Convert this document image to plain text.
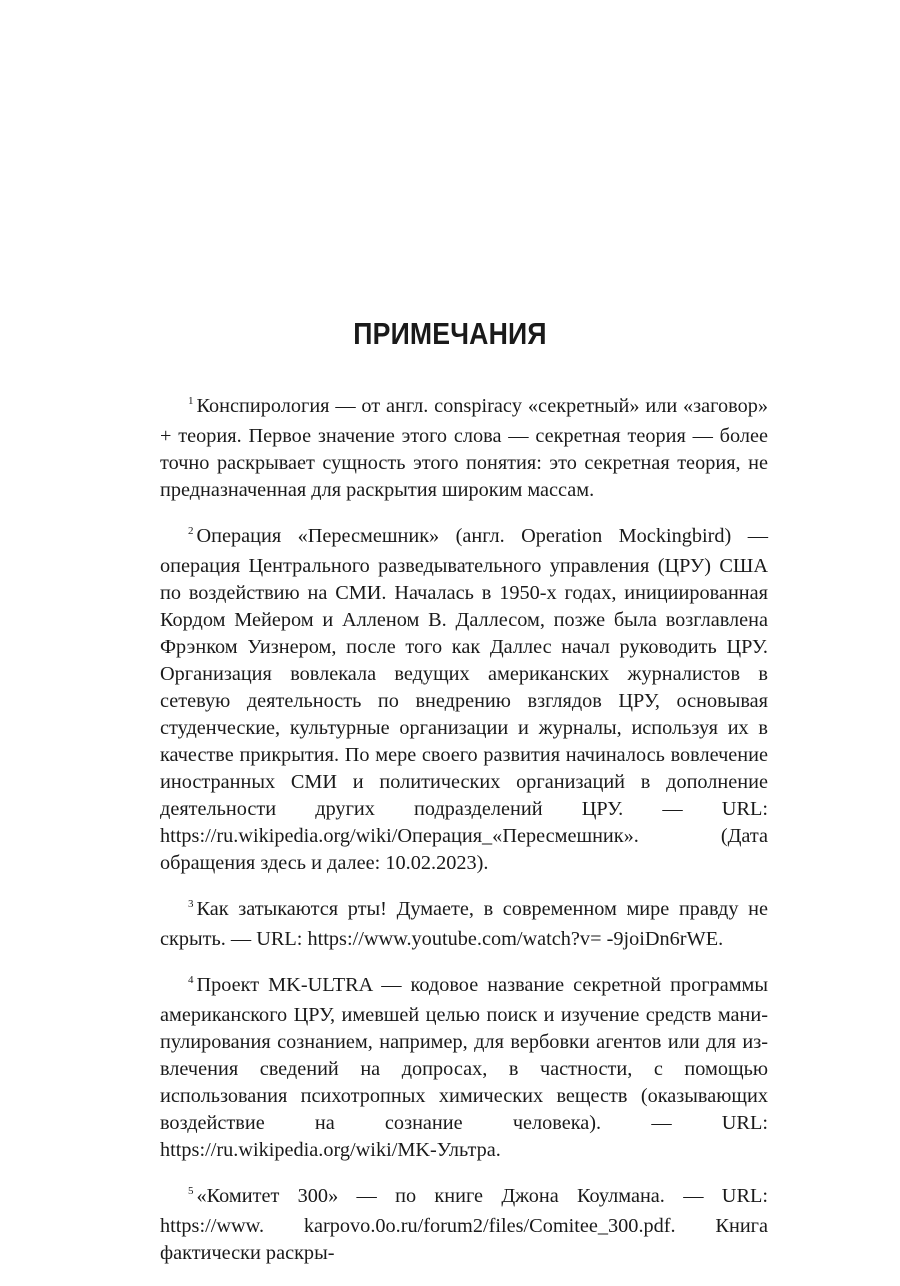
ПРИМЕЧАНИЯ

$^1$ Конспирология — от англ. conspiracy «секретный» или «заговор» + теория. Первое значение этого слова — секретная теория — более точно раскрывает сущность этого понятия: это секретная теория, не предназначенная для раскрытия широким массам.

$^2$ Операция «Пересмешник» (англ. Operation Mockingbird) — операция Центрального разведывательного управления (ЦРУ) США по воздействию на СМИ. Началась в 1950-х годах, инициированная Кордом Мейером и Алленом В. Даллесом, позже была возглавлена Фрэнком Уизнером, после того как Даллес начал руководить ЦРУ. Организация вовлекала ведущих американских журналистов в сетевую деятельность по внедрению взглядов ЦРУ, основывая студенческие, культурные организации и журналы, используя их в качестве прикрытия. По мере своего развития начиналось вовлечение иностранных СМИ и политических организаций в дополнение деятельности других подразделений ЦРУ. — URL: https://ru.wikipedia.org/wiki/Операция_«Пересмешник». (Дата обращения здесь и далее: 10.02.2023).

$^3$ Как затыкаются рты! Думаете, в современном мире правду не скрыть. — URL: https://www.youtube.com/watch?v= -9joiDn6rWE.

$^4$ Проект MK-ULTRA — кодовое название секретной программы американского ЦРУ, имевшей целью поиск и изучение средств манипулирования сознанием, например, для вербовки агентов или для извлечения сведений на допросах, в частности, с помощью использования психотропных химических веществ (оказывающих воздействие на сознание человека). — URL: https://ru.wikipedia.org/wiki/MK-Ультра.

$^5$ «Комитет 300» — по книге Джона Коулмана. — URL: https://www. karpovo.0o.ru/forum2/files/Comitee_300.pdf. Книга фактически раскры-
